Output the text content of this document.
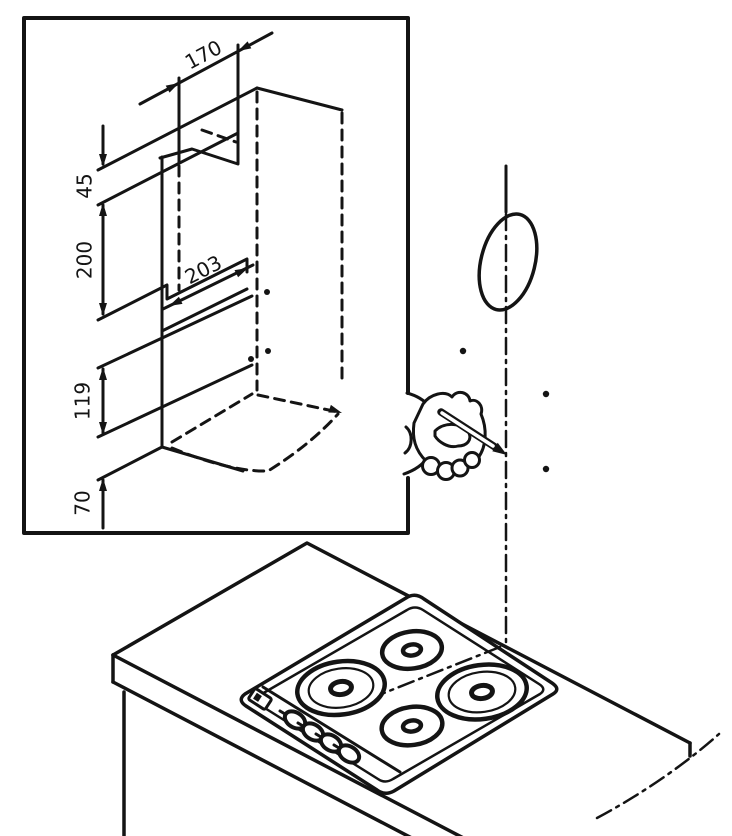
170
45
200
119
70
203
